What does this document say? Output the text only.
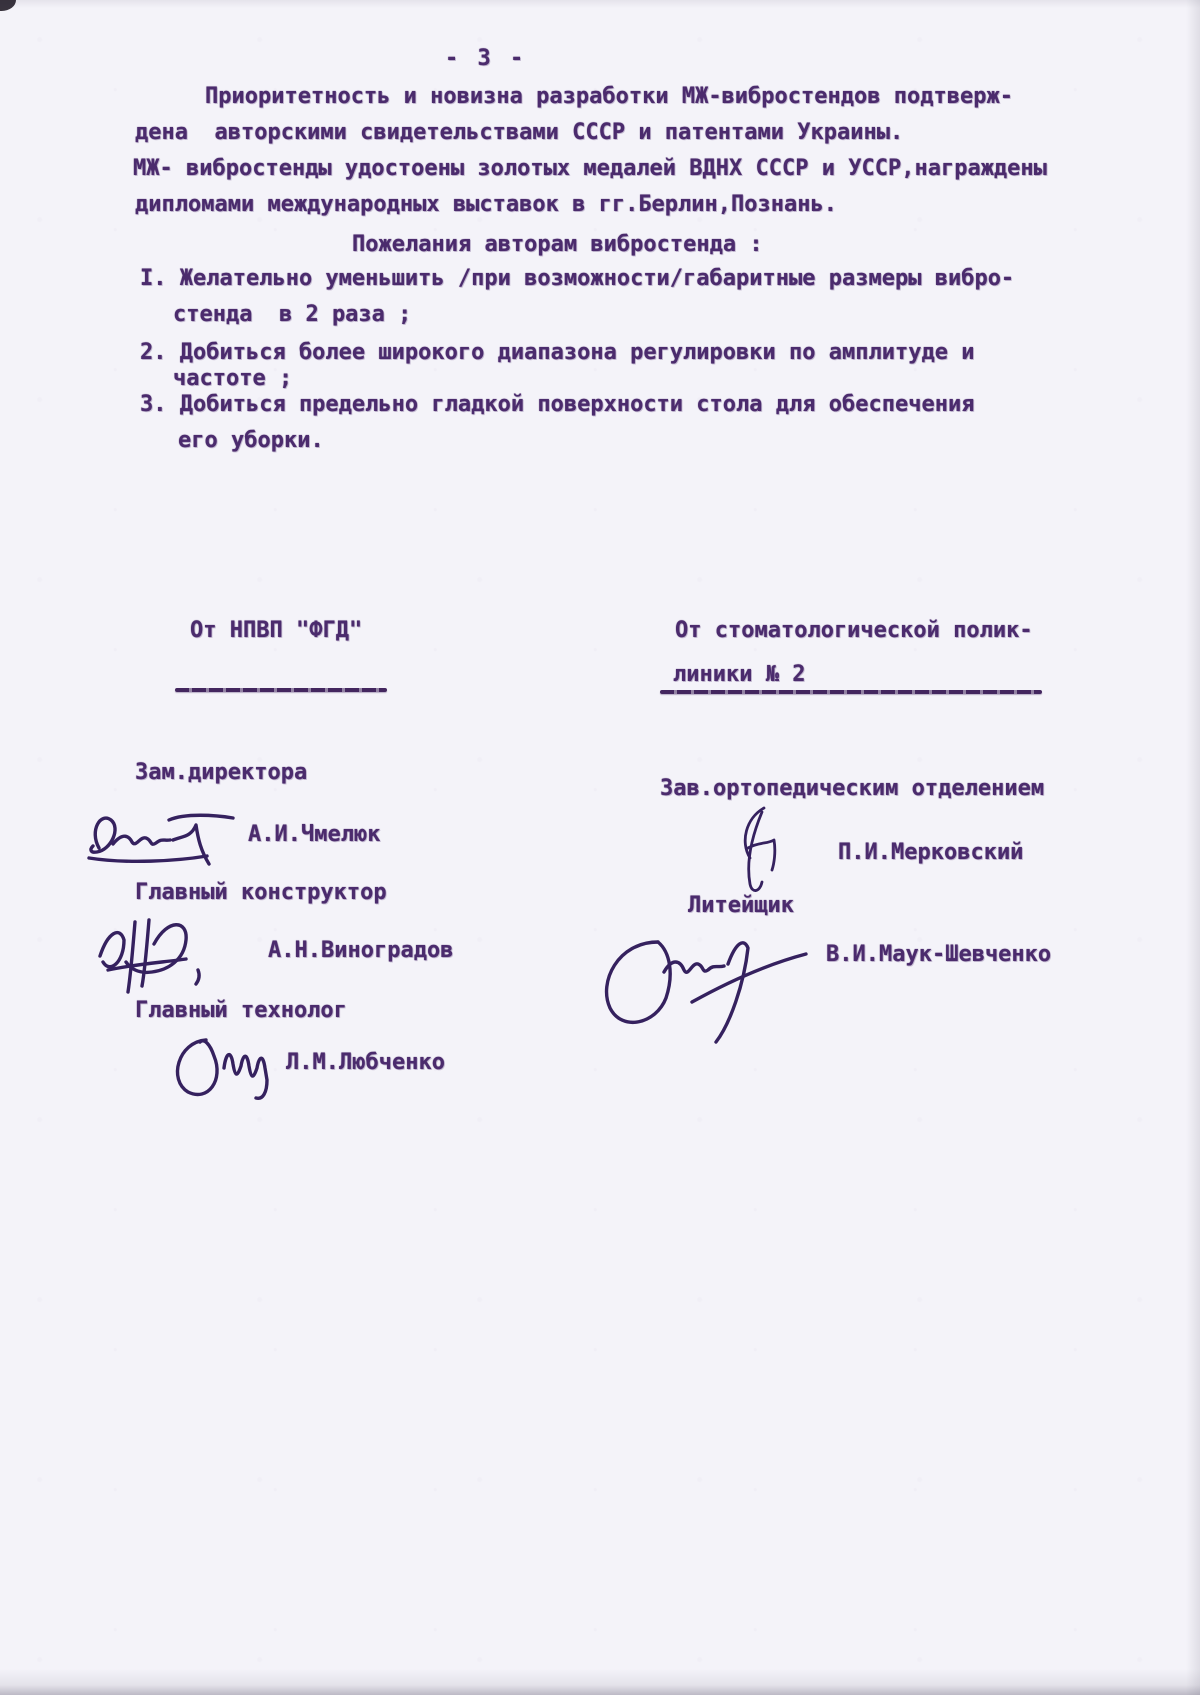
- 3 -
Приоритетность и новизна разработки МЖ-вибростендов подтверж-
дена  авторскими свидетельствами СССР и патентами Украины.
МЖ- вибростенды удостоены золотых медалей ВДНХ СССР и УССР,награждены
дипломами международных выставок в гг.Берлин,Познань.
Пожелания авторам вибростенда :
I. Желательно уменьшить /при возможности/габаритные размеры вибро-
стенда  в 2 раза ;
2. Добиться более широкого диапазона регулировки по амплитуде и
частоте ;
3. Добиться предельно гладкой поверхности стола для обеспечения
его уборки.
От НПВП "ФГД"	От стоматологической полик-
линики № 2
Зам.директора
А.И.Чмелюк
Главный конструктор
А.Н.Виноградов
Главный технолог
Л.М.Любченко
Зав.ортопедическим отделением
П.И.Мерковский
Литейщик
В.И.Маук-Шевченко
